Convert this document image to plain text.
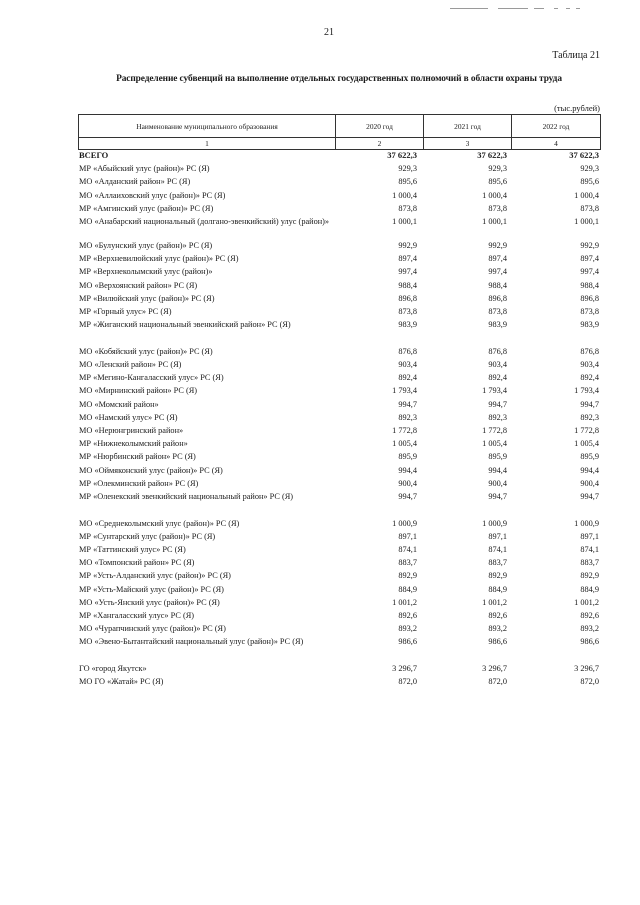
21
Таблица 21
Распределение субвенций на выполнение отдельных государственных полномочий в области охраны труда
(тыс.рублей)
Наименование муниципального образования	2020 год	2021 год	2022 год
1	2	3	4
ВСЕГО	37 622,3	37 622,3	37 622,3
МР «Абыйский улус (район)» РС (Я)	929,3	929,3	929,3
МО «Алданский район» РС (Я)	895,6	895,6	895,6
МО «Аллаиховский улус (район)» РС (Я)	1 000,4	1 000,4	1 000,4
МР «Амгинский улус (район)» РС (Я)	873,8	873,8	873,8
МО «Анабарский национальный (долгано-эвенкийский) улус (район)»	1 000,1	1 000,1	1 000,1
МО «Булунский улус (район)» РС (Я)	992,9	992,9	992,9
МР «Верхневилюйский улус (район)» РС (Я)	897,4	897,4	897,4
МР «Верхнеколымский улус (район)»	997,4	997,4	997,4
МО «Верхоянский район» РС (Я)	988,4	988,4	988,4
МР «Вилюйский улус (район)» РС (Я)	896,8	896,8	896,8
МР «Горный улус» РС (Я)	873,8	873,8	873,8
МР «Жиганский национальный эвенкийский район» РС (Я)	983,9	983,9	983,9
МО «Кобяйский улус (район)» РС (Я)	876,8	876,8	876,8
МО «Ленский район» РС (Я)	903,4	903,4	903,4
МР «Мегино-Кангаласский улус» РС (Я)	892,4	892,4	892,4
МО «Мирнинский район» РС (Я)	1 793,4	1 793,4	1 793,4
МО «Момский район»	994,7	994,7	994,7
МО «Намский улус» РС (Я)	892,3	892,3	892,3
МО «Нерюнгринский район»	1 772,8	1 772,8	1 772,8
МР «Нижнеколымский район»	1 005,4	1 005,4	1 005,4
МР «Нюрбинский район» РС (Я)	895,9	895,9	895,9
МО «Оймяконский улус (район)» РС (Я)	994,4	994,4	994,4
МР «Олекминский район» РС (Я)	900,4	900,4	900,4
МР «Оленекский эвенкийский национальный район» РС (Я)	994,7	994,7	994,7
МО «Среднеколымский улус (район)» РС (Я)	1 000,9	1 000,9	1 000,9
МР «Сунтарский улус (район)» РС (Я)	897,1	897,1	897,1
МР «Таттинский улус» РС (Я)	874,1	874,1	874,1
МО «Томпонский район» РС (Я)	883,7	883,7	883,7
МР «Усть-Алданский улус (район)» РС (Я)	892,9	892,9	892,9
МР «Усть-Майский улус (район)» РС (Я)	884,9	884,9	884,9
МО «Усть-Янский улус (район)» РС (Я)	1 001,2	1 001,2	1 001,2
МР «Хангаласский улус» РС (Я)	892,6	892,6	892,6
МО «Чурапчинский улус (район)» РС (Я)	893,2	893,2	893,2
МО «Эвено-Бытантайский национальный улус (район)» РС (Я)	986,6	986,6	986,6
ГО «город Якутск»	3 296,7	3 296,7	3 296,7
МО ГО «Жатай» РС (Я)	872,0	872,0	872,0
